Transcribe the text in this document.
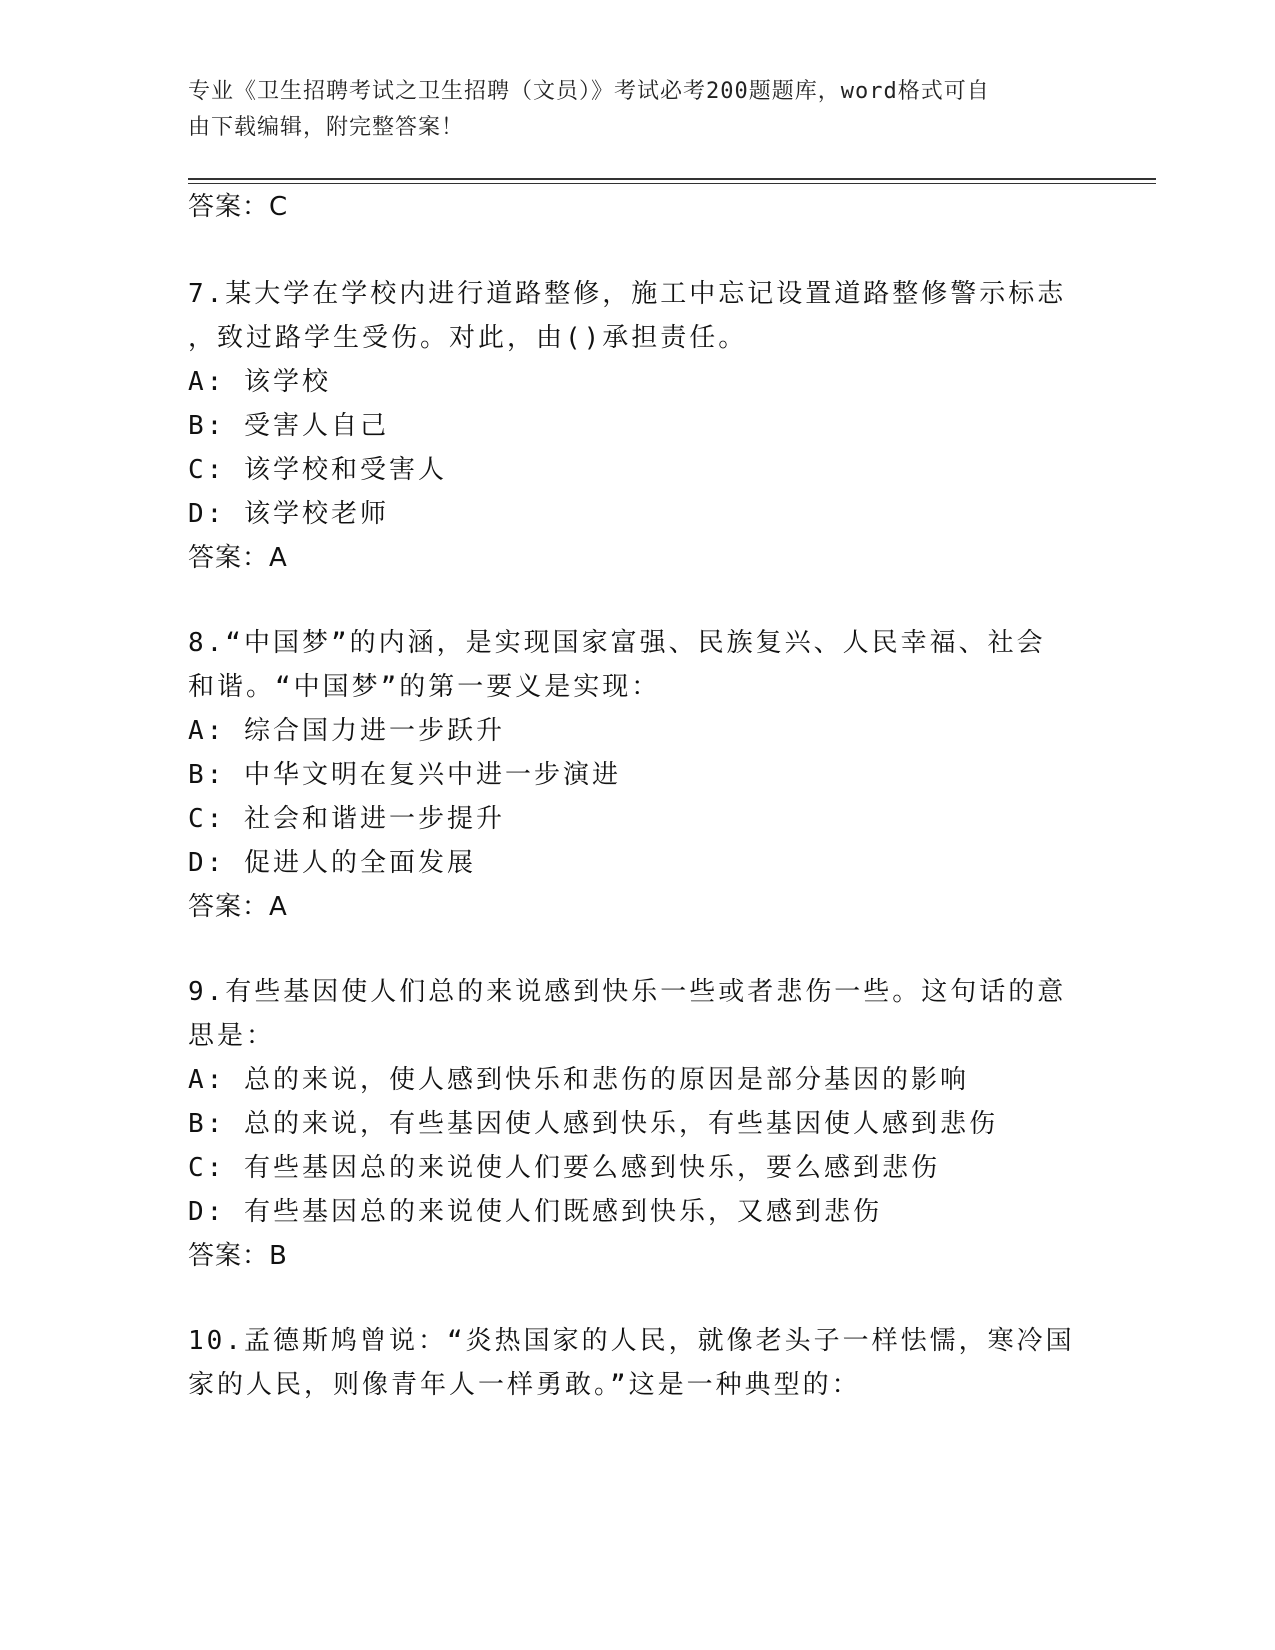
专业《卫生招聘考试之卫生招聘（文员）》考试必考200题题库，word格式可自
由下载编辑，附完整答案！
答案：C
7.某大学在学校内进行道路整修，施工中忘记设置道路整修警示标志
，致过路学生受伤。对此，由()承担责任。
A: 该学校
B: 受害人自己
C: 该学校和受害人
D: 该学校老师
答案：A
8.“中国梦”的内涵，是实现国家富强、民族复兴、人民幸福、社会
和谐。“中国梦”的第一要义是实现：
A: 综合国力进一步跃升
B: 中华文明在复兴中进一步演进
C: 社会和谐进一步提升
D: 促进人的全面发展
答案：A
9.有些基因使人们总的来说感到快乐一些或者悲伤一些。这句话的意
思是：
A: 总的来说，使人感到快乐和悲伤的原因是部分基因的影响
B: 总的来说，有些基因使人感到快乐，有些基因使人感到悲伤
C: 有些基因总的来说使人们要么感到快乐，要么感到悲伤
D: 有些基因总的来说使人们既感到快乐，又感到悲伤
答案：B
10.孟德斯鸠曾说：“炎热国家的人民，就像老头子一样怯懦，寒冷国
家的人民，则像青年人一样勇敢。”这是一种典型的：
